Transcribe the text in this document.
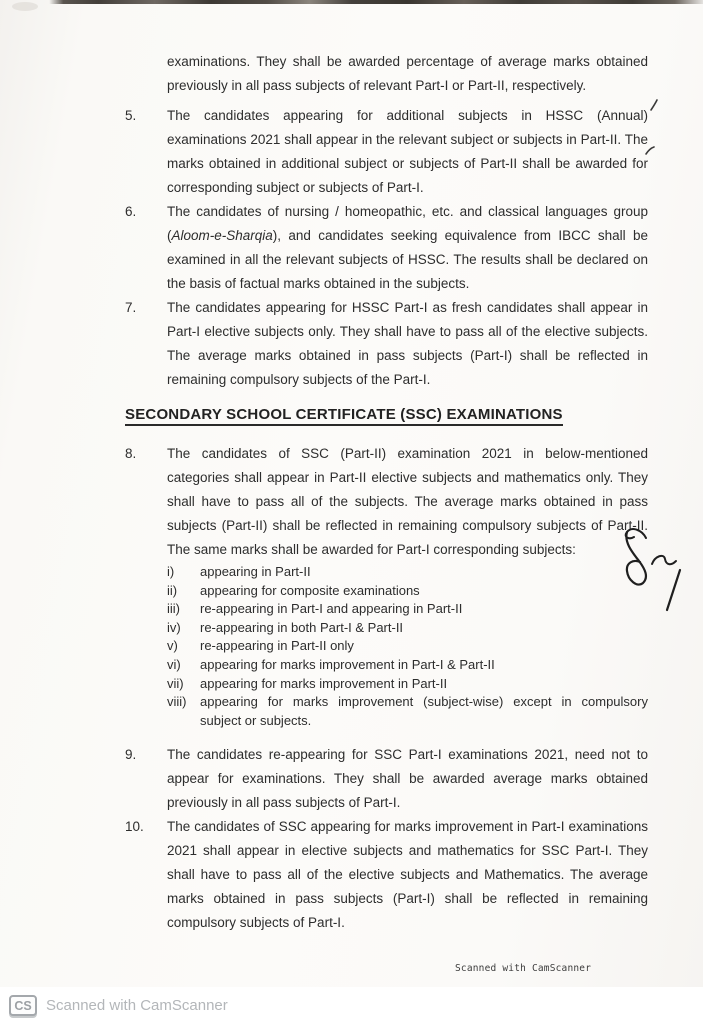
examinations. They shall be awarded percentage of average marks obtained previously in all pass subjects of relevant Part-I or Part-II, respectively.

5. The candidates appearing for additional subjects in HSSC (Annual) examinations 2021 shall appear in the relevant subject or subjects in Part-II. The marks obtained in additional subject or subjects of Part-II shall be awarded for corresponding subject or subjects of Part-I.
6. The candidates of nursing / homeopathic, etc. and classical languages group (Aloom-e-Sharqia), and candidates seeking equivalence from IBCC shall be examined in all the relevant subjects of HSSC. The results shall be declared on the basis of factual marks obtained in the subjects.
7. The candidates appearing for HSSC Part-I as fresh candidates shall appear in Part-I elective subjects only. They shall have to pass all of the elective subjects. The average marks obtained in pass subjects (Part-I) shall be reflected in remaining compulsory subjects of the Part-I.
SECONDARY SCHOOL CERTIFICATE (SSC) EXAMINATIONS
8. The candidates of SSC (Part-II) examination 2021 in below-mentioned categories shall appear in Part-II elective subjects and mathematics only. They shall have to pass all of the subjects. The average marks obtained in pass subjects (Part-II) shall be reflected in remaining compulsory subjects of Part-II. The same marks shall be awarded for Part-I corresponding subjects:
i) appearing in Part-II
ii) appearing for composite examinations
iii) re-appearing in Part-I and appearing in Part-II
iv) re-appearing in both Part-I & Part-II
v) re-appearing in Part-II only
vi) appearing for marks improvement in Part-I & Part-II
vii) appearing for marks improvement in Part-II
viii) appearing for marks improvement (subject-wise) except in compulsory subject or subjects.
9. The candidates re-appearing for SSC Part-I examinations 2021, need not to appear for examinations. They shall be awarded average marks obtained previously in all pass subjects of Part-I.
10. The candidates of SSC appearing for marks improvement in Part-I examinations 2021 shall appear in elective subjects and mathematics for SSC Part-I. They shall have to pass all of the elective subjects and Mathematics. The average marks obtained in pass subjects (Part-I) shall be reflected in remaining compulsory subjects of Part-I.
Scanned with CamScanner
CS Scanned with CamScanner
